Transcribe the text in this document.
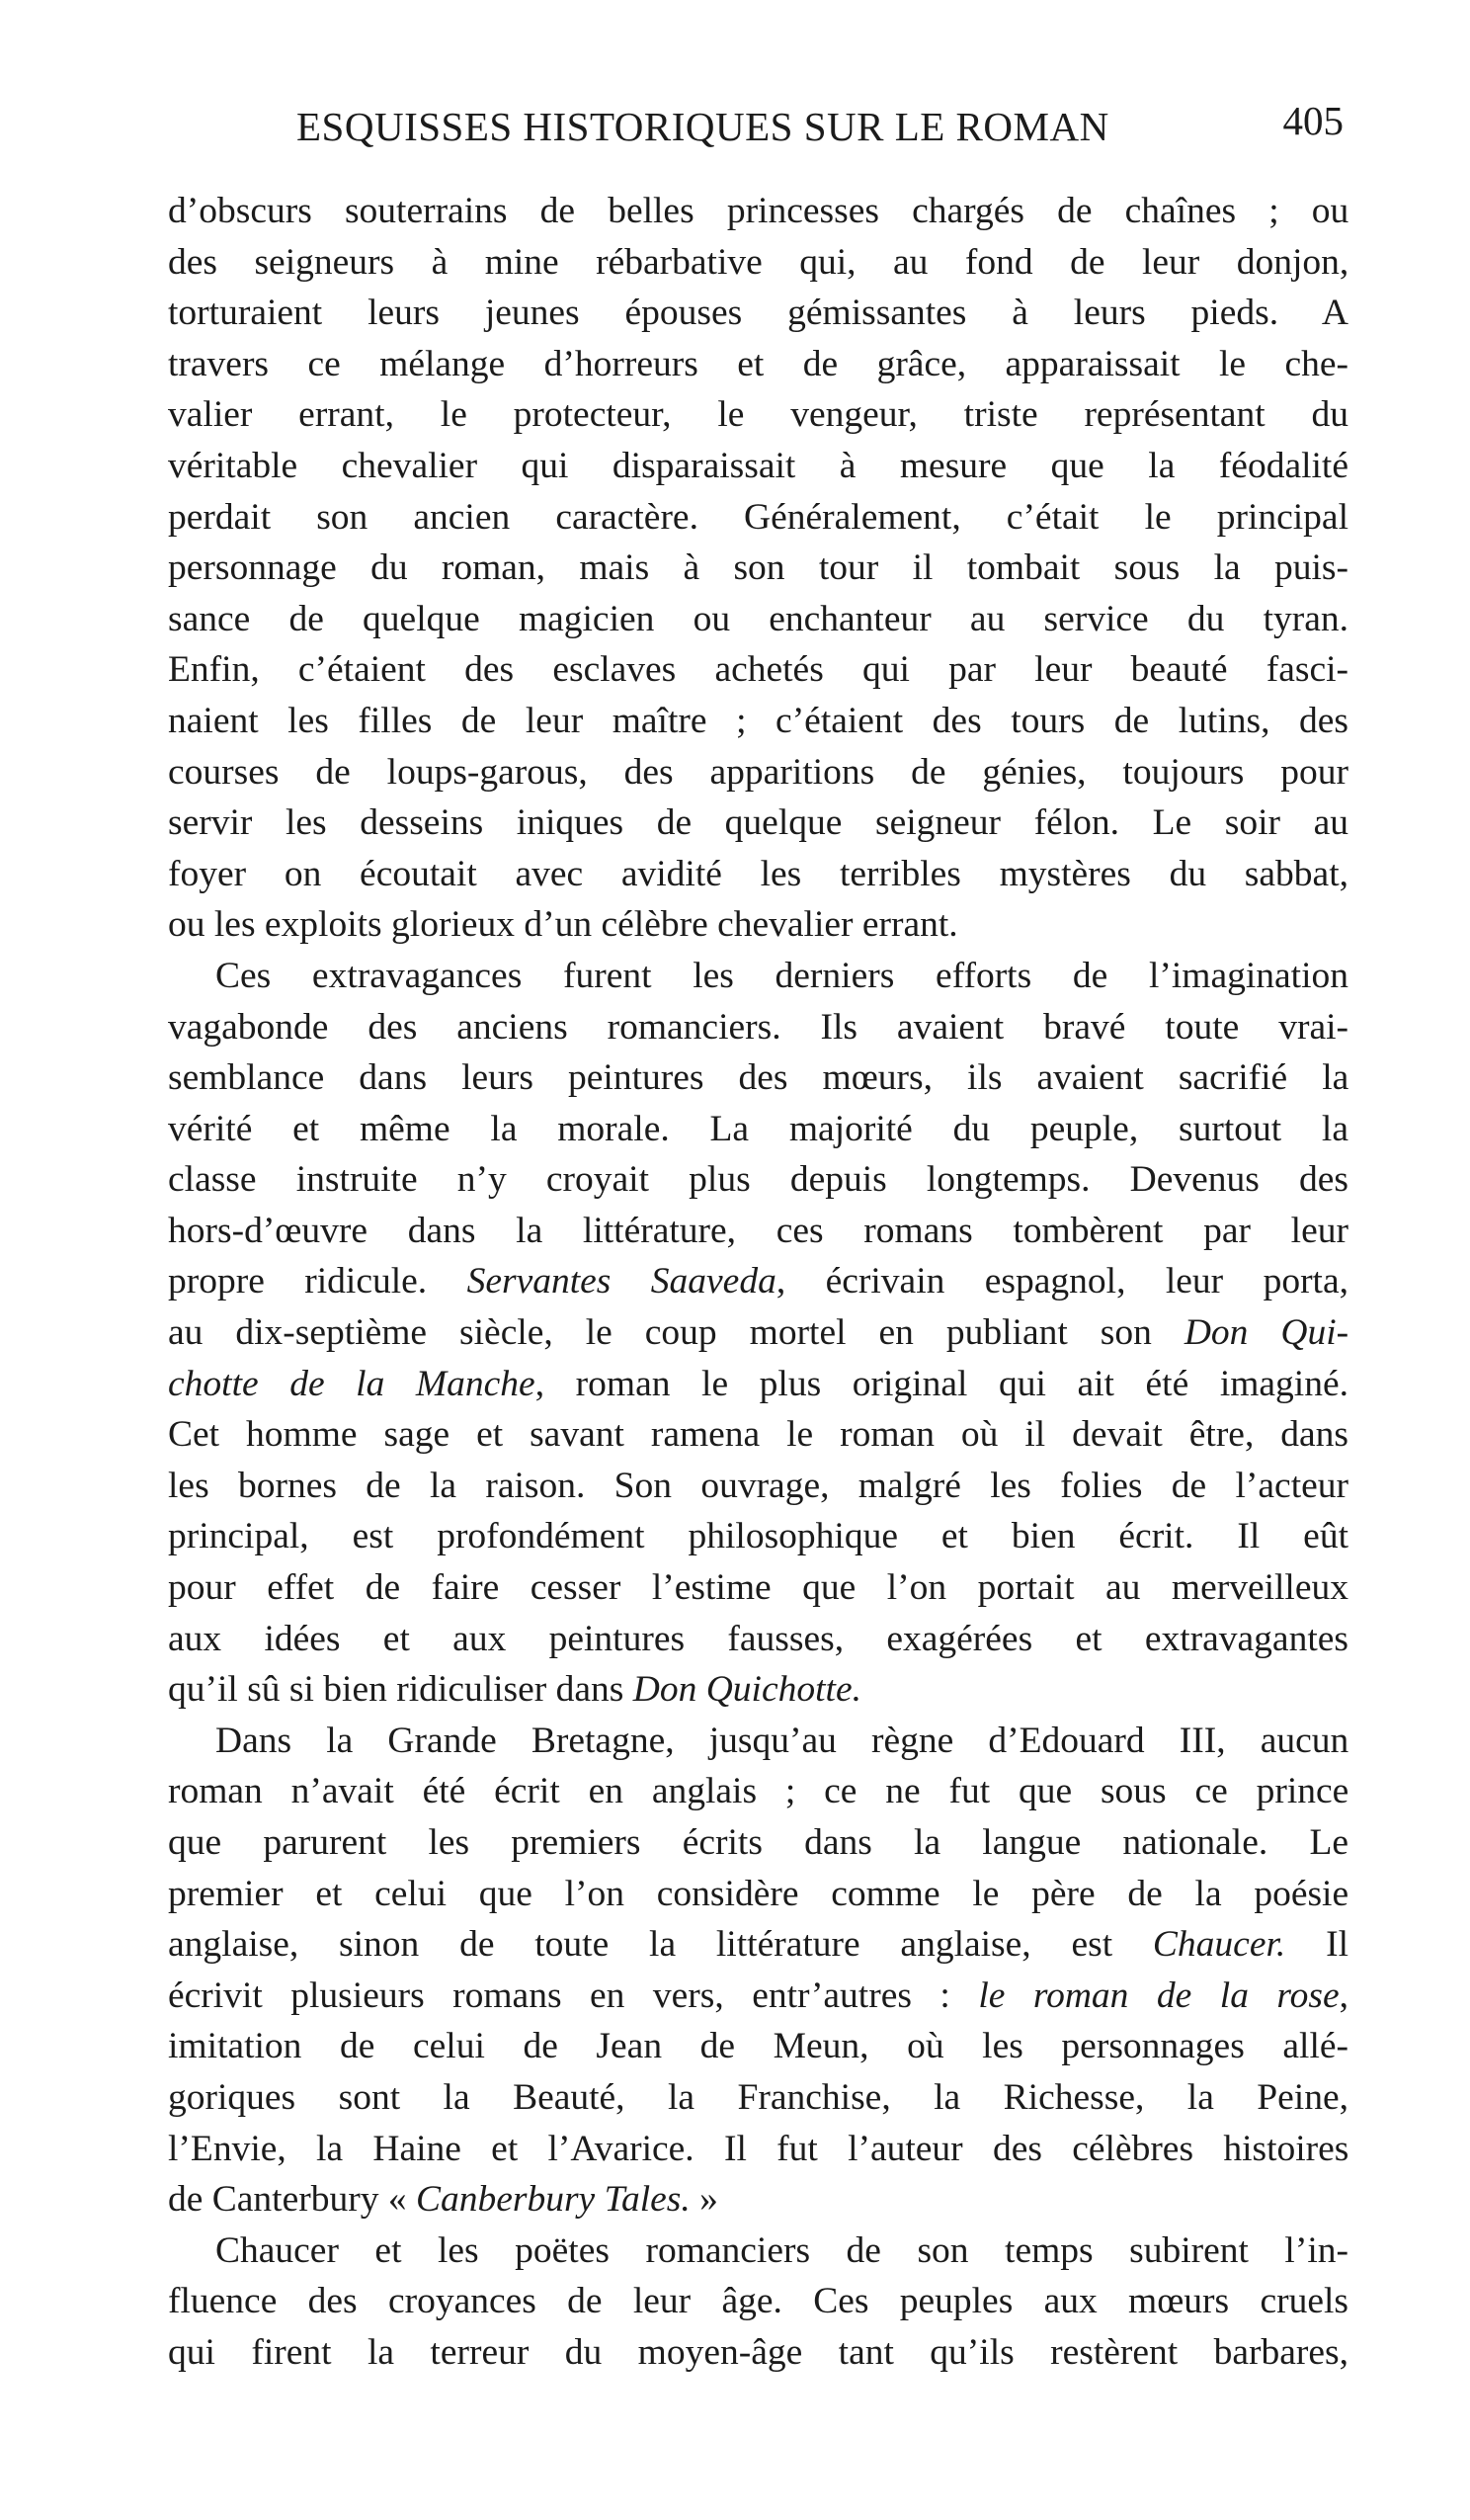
ESQUISSES HISTORIQUES SUR LE ROMAN	405
d’obscurs souterrains de belles princesses chargés de chaînes ; ou
des seigneurs à mine rébarbative qui, au fond de leur donjon,
torturaient leurs jeunes épouses gémissantes à leurs pieds. A
travers ce mélange d’horreurs et de grâce, apparaissait le che-
valier errant, le protecteur, le vengeur, triste représentant du
véritable chevalier qui disparaissait à mesure que la féodalité
perdait son ancien caractère. Généralement, c’était le principal
personnage du roman, mais à son tour il tombait sous la puis-
sance de quelque magicien ou enchanteur au service du tyran.
Enfin, c’étaient des esclaves achetés qui par leur beauté fasci-
naient les filles de leur maître ; c’étaient des tours de lutins, des
courses de loups-garous, des apparitions de génies, toujours pour
servir les desseins iniques de quelque seigneur félon. Le soir au
foyer on écoutait avec avidité les terribles mystères du sabbat,
ou les exploits glorieux d’un célèbre chevalier errant.
Ces extravagances furent les derniers efforts de l’imagination
vagabonde des anciens romanciers. Ils avaient bravé toute vrai-
semblance dans leurs peintures des mœurs, ils avaient sacrifié la
vérité et même la morale. La majorité du peuple, surtout la
classe instruite n’y croyait plus depuis longtemps. Devenus des
hors-d’œuvre dans la littérature, ces romans tombèrent par leur
propre ridicule. Servantes Saaveda, écrivain espagnol, leur porta,
au dix-septième siècle, le coup mortel en publiant son Don Qui-
chotte de la Manche, roman le plus original qui ait été imaginé.
Cet homme sage et savant ramena le roman où il devait être, dans
les bornes de la raison. Son ouvrage, malgré les folies de l’acteur
principal, est profondément philosophique et bien écrit. Il eût
pour effet de faire cesser l’estime que l’on portait au merveilleux
aux idées et aux peintures fausses, exagérées et extravagantes
qu’il sû si bien ridiculiser dans Don Quichotte.
Dans la Grande Bretagne, jusqu’au règne d’Edouard III, aucun
roman n’avait été écrit en anglais ; ce ne fut que sous ce prince
que parurent les premiers écrits dans la langue nationale. Le
premier et celui que l’on considère comme le père de la poésie
anglaise, sinon de toute la littérature anglaise, est Chaucer. Il
écrivit plusieurs romans en vers, entr’autres : le roman de la rose,
imitation de celui de Jean de Meun, où les personnages allé-
goriques sont la Beauté, la Franchise, la Richesse, la Peine,
l’Envie, la Haine et l’Avarice. Il fut l’auteur des célèbres histoires
de Canterbury « Canberbury Tales. »
Chaucer et les poëtes romanciers de son temps subirent l’in-
fluence des croyances de leur âge. Ces peuples aux mœurs cruels
qui firent la terreur du moyen-âge tant qu’ils restèrent barbares,
